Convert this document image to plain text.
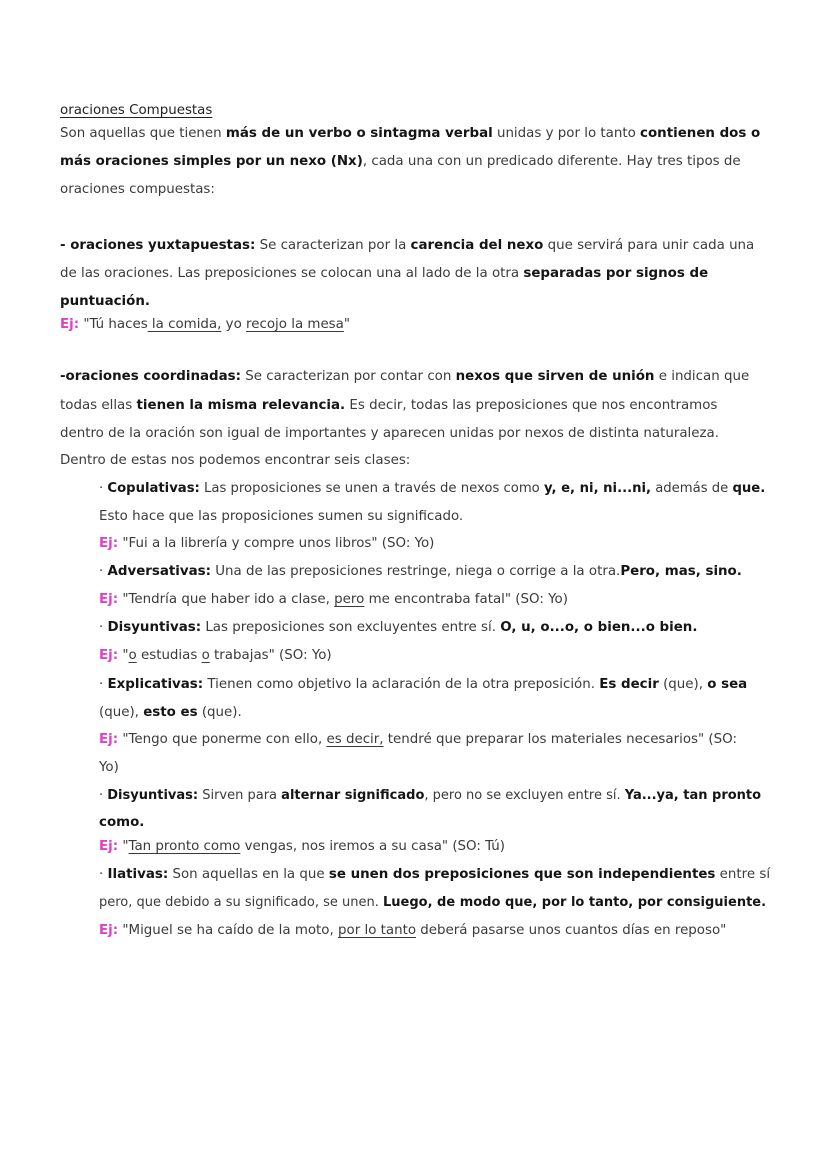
oraciones Compuestas
Son aquellas que tienen más de un verbo o sintagma verbal unidas y por lo tanto contienen dos o
más oraciones simples por un nexo (Nx), cada una con un predicado diferente. Hay tres tipos de
oraciones compuestas:
- oraciones yuxtapuestas: Se caracterizan por la carencia del nexo que servirá para unir cada una
de las oraciones. Las preposiciones se colocan una al lado de la otra separadas por signos de
puntuación.
Ej: "Tú haces la comida, yo recojo la mesa"
-oraciones coordinadas: Se caracterizan por contar con nexos que sirven de unión e indican que
todas ellas tienen la misma relevancia. Es decir, todas las preposiciones que nos encontramos
dentro de la oración son igual de importantes y aparecen unidas por nexos de distinta naturaleza.
Dentro de estas nos podemos encontrar seis clases:
· Copulativas: Las proposiciones se unen a través de nexos como y, e, ni, ni...ni, además de que.
Esto hace que las proposiciones sumen su significado.
Ej: "Fui a la librería y compre unos libros" (SO: Yo)
· Adversativas: Una de las preposiciones restringe, niega o corrige a la otra.Pero, mas, sino.
Ej: "Tendría que haber ido a clase, pero me encontraba fatal" (SO: Yo)
· Disyuntivas: Las preposiciones son excluyentes entre sí. O, u, o...o, o bien...o bien.
Ej: "o estudias o trabajas" (SO: Yo)
· Explicativas: Tienen como objetivo la aclaración de la otra preposición. Es decir (que), o sea
(que), esto es (que).
Ej: "Tengo que ponerme con ello, es decir, tendré que preparar los materiales necesarios" (SO:
Yo)
· Disyuntivas: Sirven para alternar significado, pero no se excluyen entre sí. Ya...ya, tan pronto
como.
Ej: "Tan pronto como vengas, nos iremos a su casa" (SO: Tú)
· Ilativas: Son aquellas en la que se unen dos preposiciones que son independientes entre sí
pero, que debido a su significado, se unen. Luego, de modo que, por lo tanto, por consiguiente.
Ej: "Miguel se ha caído de la moto, por lo tanto deberá pasarse unos cuantos días en reposo"
